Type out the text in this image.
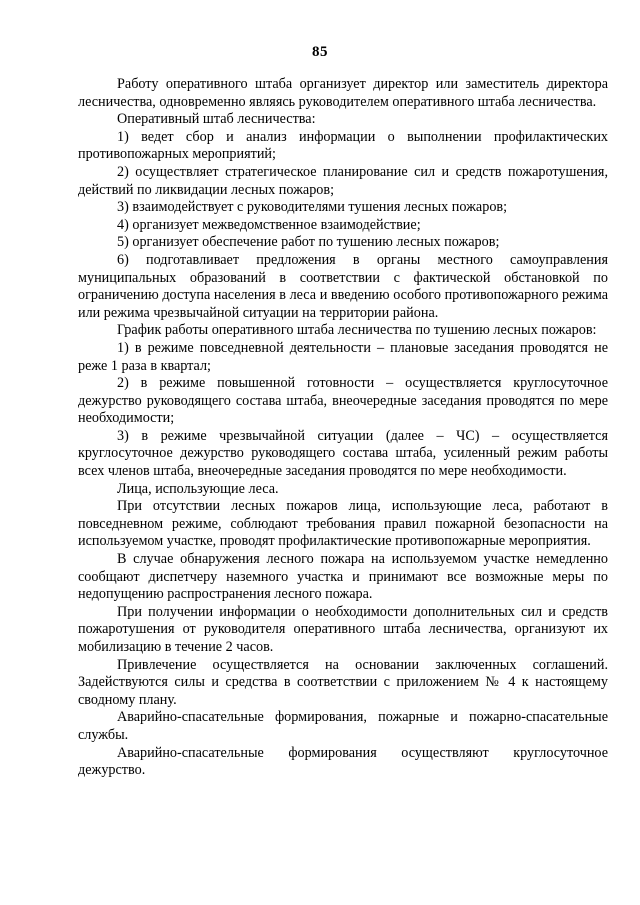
85

Работу оперативного штаба организует директор или заместитель директора лесничества, одновременно являясь руководителем оперативного штаба лесничества.

Оперативный штаб лесничества:

1) ведет сбор и анализ информации о выполнении профилактических противопожарных мероприятий;

2) осуществляет стратегическое планирование сил и средств пожаротушения, действий по ликвидации лесных пожаров;

3) взаимодействует с руководителями тушения лесных пожаров;

4) организует межведомственное взаимодействие;

5) организует обеспечение работ по тушению лесных пожаров;

6) подготавливает предложения в органы местного самоуправления муниципальных образований в соответствии с фактической обстановкой по ограничению доступа населения в леса и введению особого противопожарного режима или режима чрезвычайной ситуации на территории района.

График работы оперативного штаба лесничества по тушению лесных пожаров:

1) в режиме повседневной деятельности – плановые заседания проводятся не реже 1 раза в квартал;

2) в режиме повышенной готовности – осуществляется круглосуточное дежурство руководящего состава штаба, внеочередные заседания проводятся по мере необходимости;

3) в режиме чрезвычайной ситуации (далее – ЧС) – осуществляется круглосуточное дежурство руководящего состава штаба, усиленный режим работы всех членов штаба, внеочередные заседания проводятся по мере необходимости.

Лица, использующие леса.

При отсутствии лесных пожаров лица, использующие леса, работают в повседневном режиме, соблюдают требования правил пожарной безопасности на используемом участке, проводят профилактические противопожарные мероприятия.

В случае обнаружения лесного пожара на используемом участке немедленно сообщают диспетчеру наземного участка и принимают все возможные меры по недопущению распространения лесного пожара.

При получении информации о необходимости дополнительных сил и средств пожаротушения от руководителя оперативного штаба лесничества, организуют их мобилизацию в течение 2 часов.

Привлечение осуществляется на основании заключенных соглашений. Задействуются силы и средства в соответствии с приложением № 4 к настоящему сводному плану.

Аварийно-спасательные формирования, пожарные и пожарно-спасательные службы.

Аварийно-спасательные формирования осуществляют круглосуточное дежурство.
